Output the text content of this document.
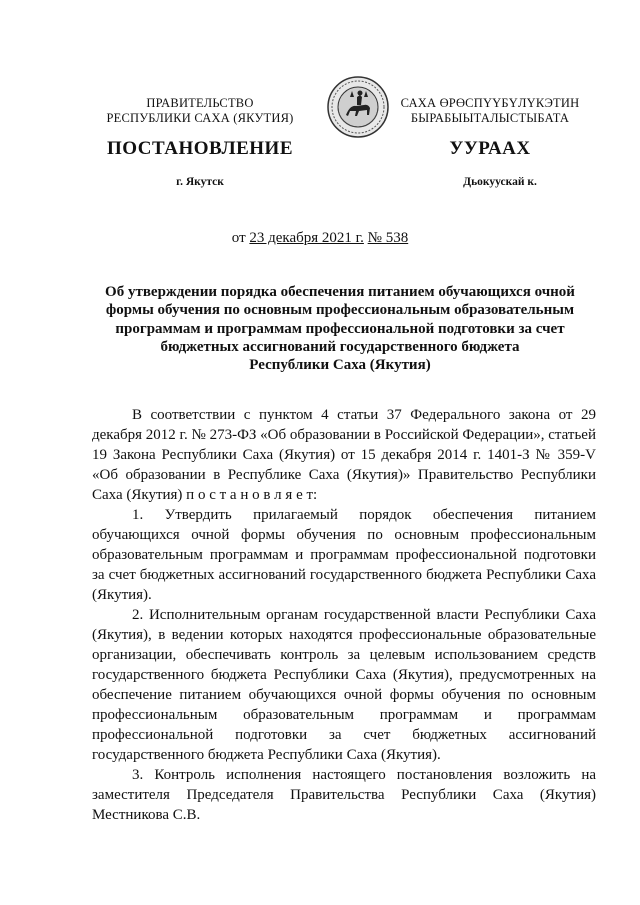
ПРАВИТЕЛЬСТВО
РЕСПУБЛИКИ САХА (ЯКУТИЯ)
САХА ӨРӨСПҮҮБҮЛҮКЭТИН
БЫРАБЫЫТАЛЫСТЫБАТА
ПОСТАНОВЛЕНИЕ	УУРААХ
г. Якутск	Дьокуускай к.
от 23 декабря 2021 г. № 538
Об утверждении порядка обеспечения питанием обучающихся очной
формы обучения по основным профессиональным образовательным
программам и программам профессиональной подготовки за счет
бюджетных ассигнований государственного бюджета
Республики Саха (Якутия)

В соответствии с пунктом 4 статьи 37 Федерального закона от 29 декабря 2012 г. № 273-ФЗ «Об образовании в Российской Федерации», статьей 19 Закона Республики Саха (Якутия) от 15 декабря 2014 г. 1401-З № 359-V «Об образовании в Республике Саха (Якутия)» Правительство Республики Саха (Якутия) п о с т а н о в л я е т:

1. Утвердить прилагаемый порядок обеспечения питанием обучающихся очной формы обучения по основным профессиональным образовательным программам и программам профессиональной подготовки за счет бюджетных ассигнований государственного бюджета Республики Саха (Якутия).

2. Исполнительным органам государственной власти Республики Саха (Якутия), в ведении которых находятся профессиональные образовательные организации, обеспечивать контроль за целевым использованием средств государственного бюджета Республики Саха (Якутия), предусмотренных на обеспечение питанием обучающихся очной формы обучения по основным профессиональным образовательным программам и программам профессиональной подготовки за счет бюджетных ассигнований государственного бюджета Республики Саха (Якутия).

3. Контроль исполнения настоящего постановления возложить на заместителя Председателя Правительства Республики Саха (Якутия) Местникова С.В.
